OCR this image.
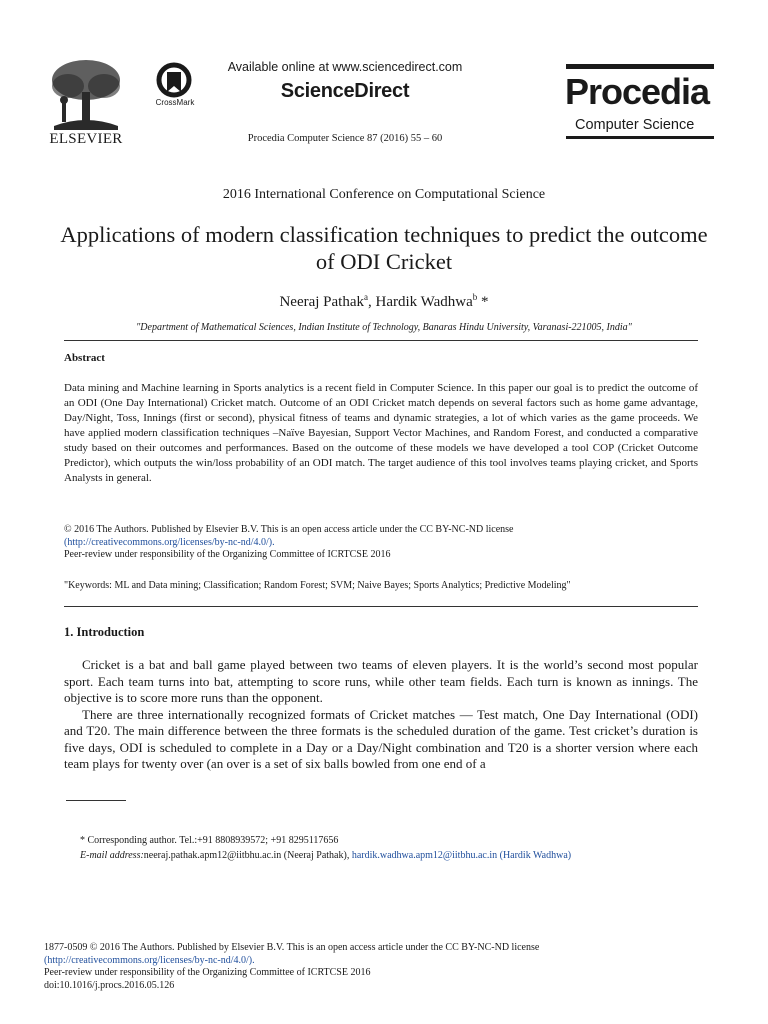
ELSEVIER
CrossMark
Available online at www.sciencedirect.com
ScienceDirect
Procedia Computer Science 87 (2016) 55 – 60
Procedia
Computer Science
2016 International Conference on Computational Science
Applications of modern classification techniques to predict the outcome of ODI Cricket
Neeraj Pathak$^a$, Hardik Wadhwa$^b$ *
"Department of Mathematical Sciences, Indian Institute of Technology, Banaras Hindu University, Varanasi-221005, India"
Abstract
Data mining and Machine learning in Sports analytics is a recent field in Computer Science. In this paper our goal is to predict the outcome of an ODI (One Day International) Cricket match. Outcome of an ODI Cricket match depends on several factors such as home game advantage, Day/Night, Toss, Innings (first or second), physical fitness of teams and dynamic strategies, a lot of which varies as the game proceeds. We have applied modern classification techniques –Naïve Bayesian, Support Vector Machines, and Random Forest, and conducted a comparative study based on their outcomes and performances. Based on the outcome of these models we have developed a tool COP (Cricket Outcome Predictor), which outputs the win/loss probability of an ODI match. The target audience of this tool involves teams playing cricket, and Sports Analysts in general.
© 2016 The Authors. Published by Elsevier B.V. This is an open access article under the CC BY-NC-ND license
(http://creativecommons.org/licenses/by-nc-nd/4.0/).
Peer-review under responsibility of the Organizing Committee of ICRTCSE 2016
"Keywords: ML and Data mining; Classification; Random Forest; SVM; Naive Bayes; Sports Analytics; Predictive Modeling"
1. Introduction

Cricket is a bat and ball game played between two teams of eleven players. It is the world’s second most popular sport. Each team turns into bat, attempting to score runs, while other team fields. Each turn is known as innings. The objective is to score more runs than the opponent.

There are three internationally recognized formats of Cricket matches — Test match, One Day International (ODI) and T20. The main difference between the three formats is the scheduled duration of the game. Test cricket’s duration is five days, ODI is scheduled to complete in a Day or a Day/Night combination and T20 is a shorter version where each team plays for twenty over (an over is a set of six balls bowled from one end of a

* Corresponding author. Tel.:+91 8808939572; +91 8295117656
E-mail address:neeraj.pathak.apm12@iitbhu.ac.in (Neeraj Pathak), hardik.wadhwa.apm12@iitbhu.ac.in (Hardik Wadhwa)
1877-0509 © 2016 The Authors. Published by Elsevier B.V. This is an open access article under the CC BY-NC-ND license
(http://creativecommons.org/licenses/by-nc-nd/4.0/).
Peer-review under responsibility of the Organizing Committee of ICRTCSE 2016
doi:10.1016/j.procs.2016.05.126
